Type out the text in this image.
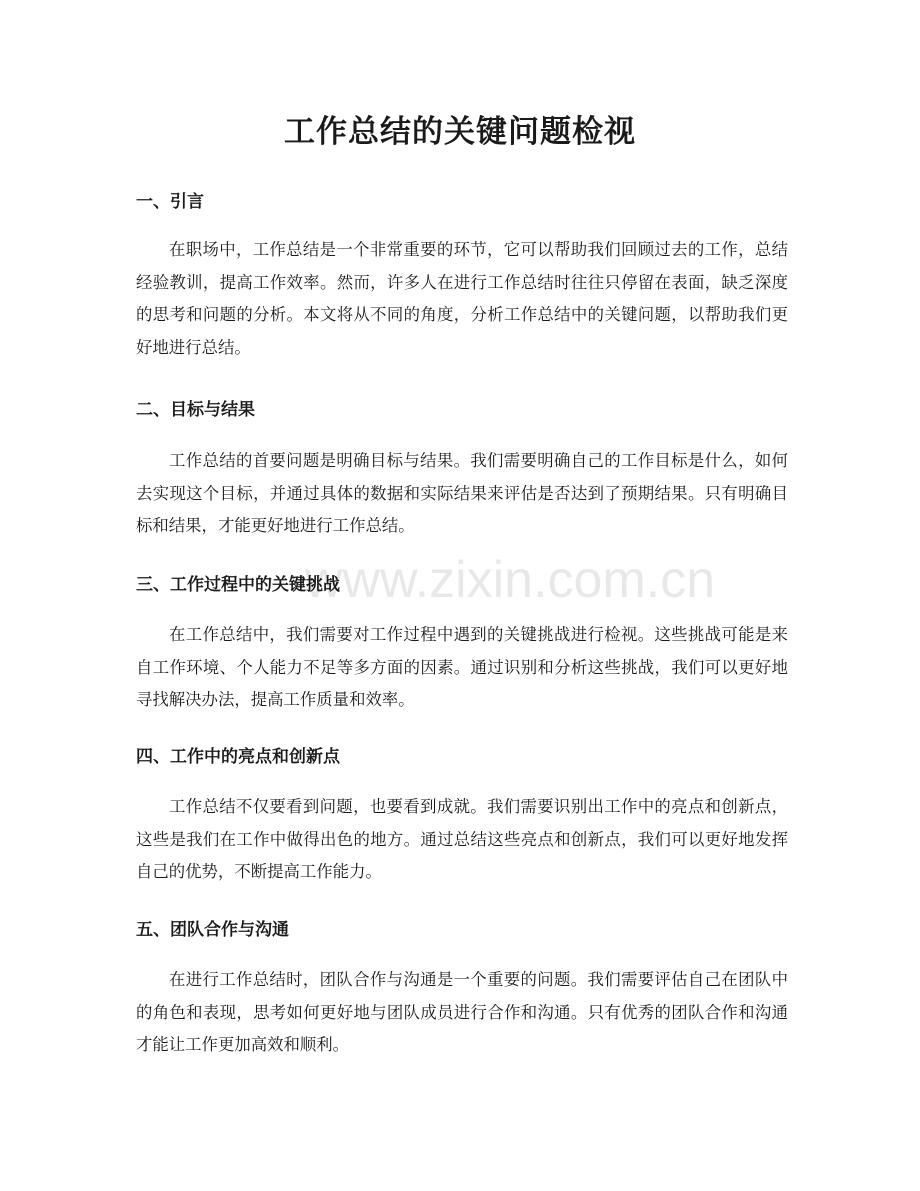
工作总结的关键问题检视
www.zixin.com.cn
一、引言

在职场中，工作总结是一个非常重要的环节，它可以帮助我们回顾过去的工作，总结经验教训，提高工作效率。然而，许多人在进行工作总结时往往只停留在表面，缺乏深度的思考和问题的分析。本文将从不同的角度，分析工作总结中的关键问题，以帮助我们更好地进行总结。

二、目标与结果

工作总结的首要问题是明确目标与结果。我们需要明确自己的工作目标是什么，如何去实现这个目标，并通过具体的数据和实际结果来评估是否达到了预期结果。只有明确目标和结果，才能更好地进行工作总结。

三、工作过程中的关键挑战

在工作总结中，我们需要对工作过程中遇到的关键挑战进行检视。这些挑战可能是来自工作环境、个人能力不足等多方面的因素。通过识别和分析这些挑战，我们可以更好地寻找解决办法，提高工作质量和效率。

四、工作中的亮点和创新点

工作总结不仅要看到问题，也要看到成就。我们需要识别出工作中的亮点和创新点，这些是我们在工作中做得出色的地方。通过总结这些亮点和创新点，我们可以更好地发挥自己的优势，不断提高工作能力。

五、团队合作与沟通

在进行工作总结时，团队合作与沟通是一个重要的问题。我们需要评估自己在团队中的角色和表现，思考如何更好地与团队成员进行合作和沟通。只有优秀的团队合作和沟通才能让工作更加高效和顺利。
